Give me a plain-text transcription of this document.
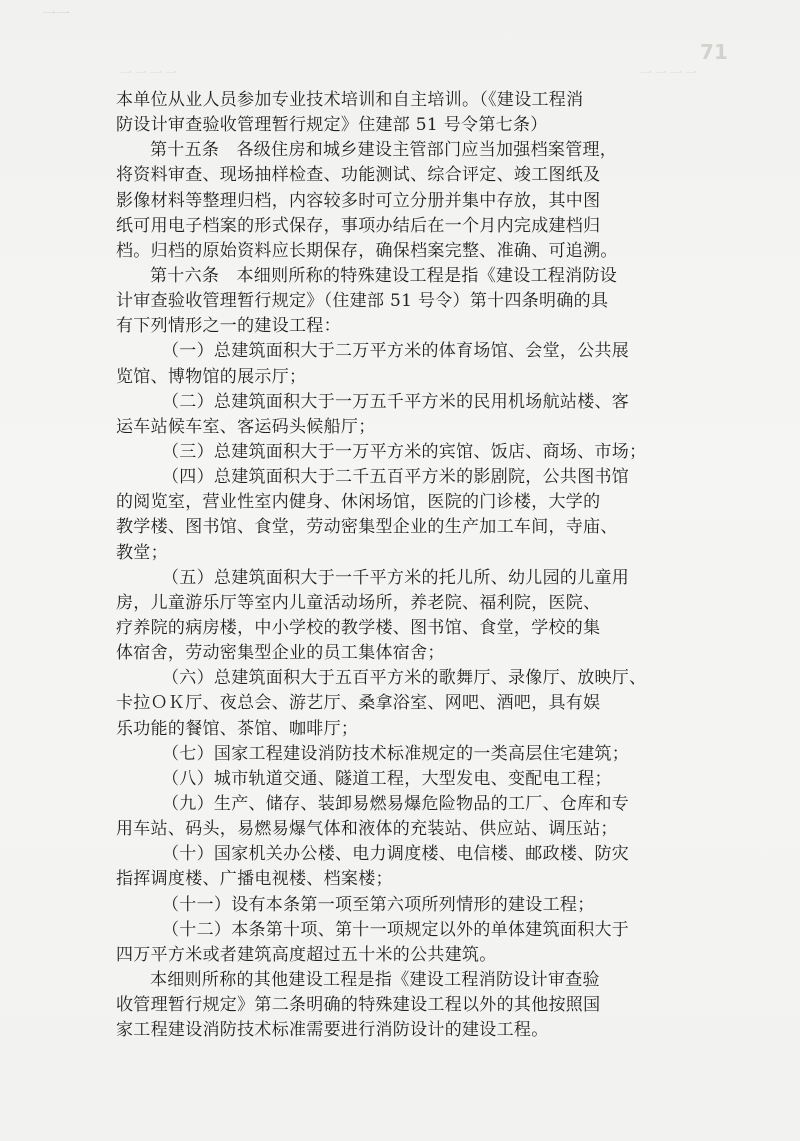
一一
71
一一一一	一一一一
本单位从业人员参加专业技术培训和自主培训。（《建设工程消
防设计审查验收管理暂行规定》住建部 51 号令第七条）
第十五条　各级住房和城乡建设主管部门应当加强档案管理，
将资料审查、现场抽样检查、功能测试、综合评定、竣工图纸及
影像材料等整理归档，内容较多时可立分册并集中存放，其中图
纸可用电子档案的形式保存，事项办结后在一个月内完成建档归
档。归档的原始资料应长期保存，确保档案完整、准确、可追溯。
第十六条　本细则所称的特殊建设工程是指《建设工程消防设
计审查验收管理暂行规定》（住建部 51 号令）第十四条明确的具
有下列情形之一的建设工程：
（一）总建筑面积大于二万平方米的体育场馆、会堂，公共展
览馆、博物馆的展示厅；
（二）总建筑面积大于一万五千平方米的民用机场航站楼、客
运车站候车室、客运码头候船厅；
（三）总建筑面积大于一万平方米的宾馆、饭店、商场、市场；
（四）总建筑面积大于二千五百平方米的影剧院，公共图书馆
的阅览室，营业性室内健身、休闲场馆，医院的门诊楼，大学的
教学楼、图书馆、食堂，劳动密集型企业的生产加工车间，寺庙、
教堂；
（五）总建筑面积大于一千平方米的托儿所、幼儿园的儿童用
房，儿童游乐厅等室内儿童活动场所，养老院、福利院，医院、
疗养院的病房楼，中小学校的教学楼、图书馆、食堂，学校的集
体宿舍，劳动密集型企业的员工集体宿舍；
（六）总建筑面积大于五百平方米的歌舞厅、录像厅、放映厅、
卡拉ＯＫ厅、夜总会、游艺厅、桑拿浴室、网吧、酒吧，具有娱
乐功能的餐馆、茶馆、咖啡厅；
（七）国家工程建设消防技术标准规定的一类高层住宅建筑；
（八）城市轨道交通、隧道工程，大型发电、变配电工程；
（九）生产、储存、装卸易燃易爆危险物品的工厂、仓库和专
用车站、码头，易燃易爆气体和液体的充装站、供应站、调压站；
（十）国家机关办公楼、电力调度楼、电信楼、邮政楼、防灾
指挥调度楼、广播电视楼、档案楼；
（十一）设有本条第一项至第六项所列情形的建设工程；
（十二）本条第十项、第十一项规定以外的单体建筑面积大于
四万平方米或者建筑高度超过五十米的公共建筑。
本细则所称的其他建设工程是指《建设工程消防设计审查验
收管理暂行规定》第二条明确的特殊建设工程以外的其他按照国
家工程建设消防技术标准需要进行消防设计的建设工程。
